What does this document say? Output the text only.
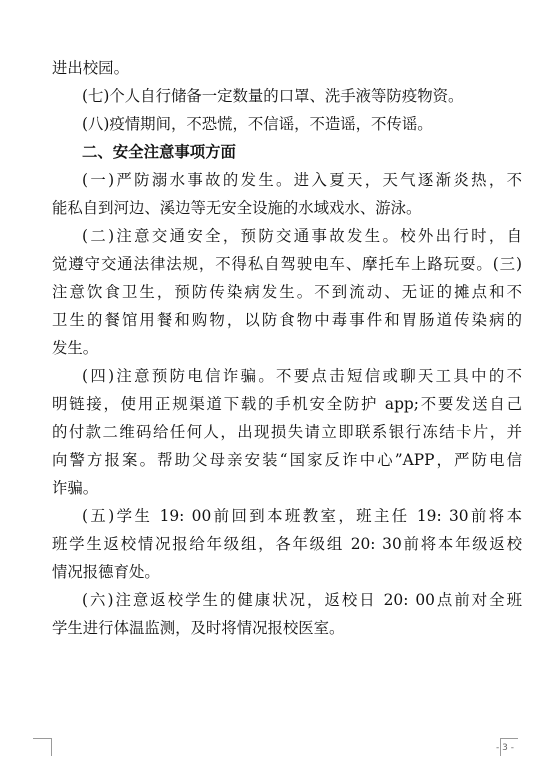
进出校园。
(七)个人自行储备一定数量的口罩、洗手液等防疫物资。
(八)疫情期间，不恐慌，不信谣，不造谣，不传谣。
二、安全注意事项方面
(一)严防溺水事故的发生。进入夏天，天气逐渐炎热，不
能私自到河边、溪边等无安全设施的水域戏水、游泳。
(二)注意交通安全，预防交通事故发生。校外出行时，自
觉遵守交通法律法规，不得私自驾驶电车、摩托车上路玩耍。(三)
注意饮食卫生，预防传染病发生。不到流动、无证的摊点和不
卫生的餐馆用餐和购物，以防食物中毒事件和胃肠道传染病的
发生。
(四)注意预防电信诈骗。不要点击短信或聊天工具中的不
明链接，使用正规渠道下载的手机安全防护 app;不要发送自己
的付款二维码给任何人，出现损失请立即联系银行冻结卡片，并
向警方报案。帮助父母亲安装“国家反诈中心”APP，严防电信
诈骗。
(五)学生 19: 00前回到本班教室，班主任 19: 30前将本
班学生返校情况报给年级组，各年级组 20: 30前将本年级返校
情况报德育处。
(六)注意返校学生的健康状况，返校日 20: 00点前对全班
学生进行体温监测，及时将情况报校医室。
- 3 -
